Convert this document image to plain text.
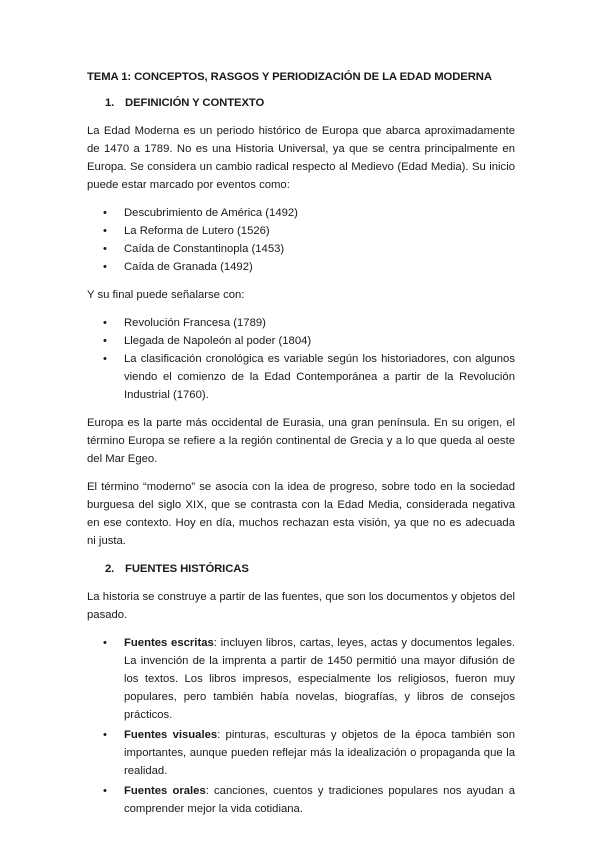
TEMA 1: CONCEPTOS, RASGOS Y PERIODIZACIÓN DE LA EDAD MODERNA
1. DEFINICIÓN Y CONTEXTO

La Edad Moderna es un periodo histórico de Europa que abarca aproximadamente de 1470 a 1789. No es una Historia Universal, ya que se centra principalmente en Europa. Se considera un cambio radical respecto al Medievo (Edad Media). Su inicio puede estar marcado por eventos como:

• Descubrimiento de América (1492)
• La Reforma de Lutero (1526)
• Caída de Constantinopla (1453)
• Caída de Granada (1492)

Y su final puede señalarse con:

• Revolución Francesa (1789)
• Llegada de Napoleón al poder (1804)
• La clasificación cronológica es variable según los historiadores, con algunos viendo el comienzo de la Edad Contemporánea a partir de la Revolución Industrial (1760).

Europa es la parte más occidental de Eurasia, una gran península. En su origen, el término Europa se refiere a la región continental de Grecia y a lo que queda al oeste del Mar Egeo.

El término “moderno” se asocia con la idea de progreso, sobre todo en la sociedad burguesa del siglo XIX, que se contrasta con la Edad Media, considerada negativa en ese contexto. Hoy en día, muchos rechazan esta visión, ya que no es adecuada ni justa.

2. FUENTES HISTÓRICAS

La historia se construye a partir de las fuentes, que son los documentos y objetos del pasado.

• Fuentes escritas: incluyen libros, cartas, leyes, actas y documentos legales. La invención de la imprenta a partir de 1450 permitió una mayor difusión de los textos. Los libros impresos, especialmente los religiosos, fueron muy populares, pero también había novelas, biografías, y libros de consejos prácticos.
• Fuentes visuales: pinturas, esculturas y objetos de la época también son importantes, aunque pueden reflejar más la idealización o propaganda que la realidad.
• Fuentes orales: canciones, cuentos y tradiciones populares nos ayudan a comprender mejor la vida cotidiana.
